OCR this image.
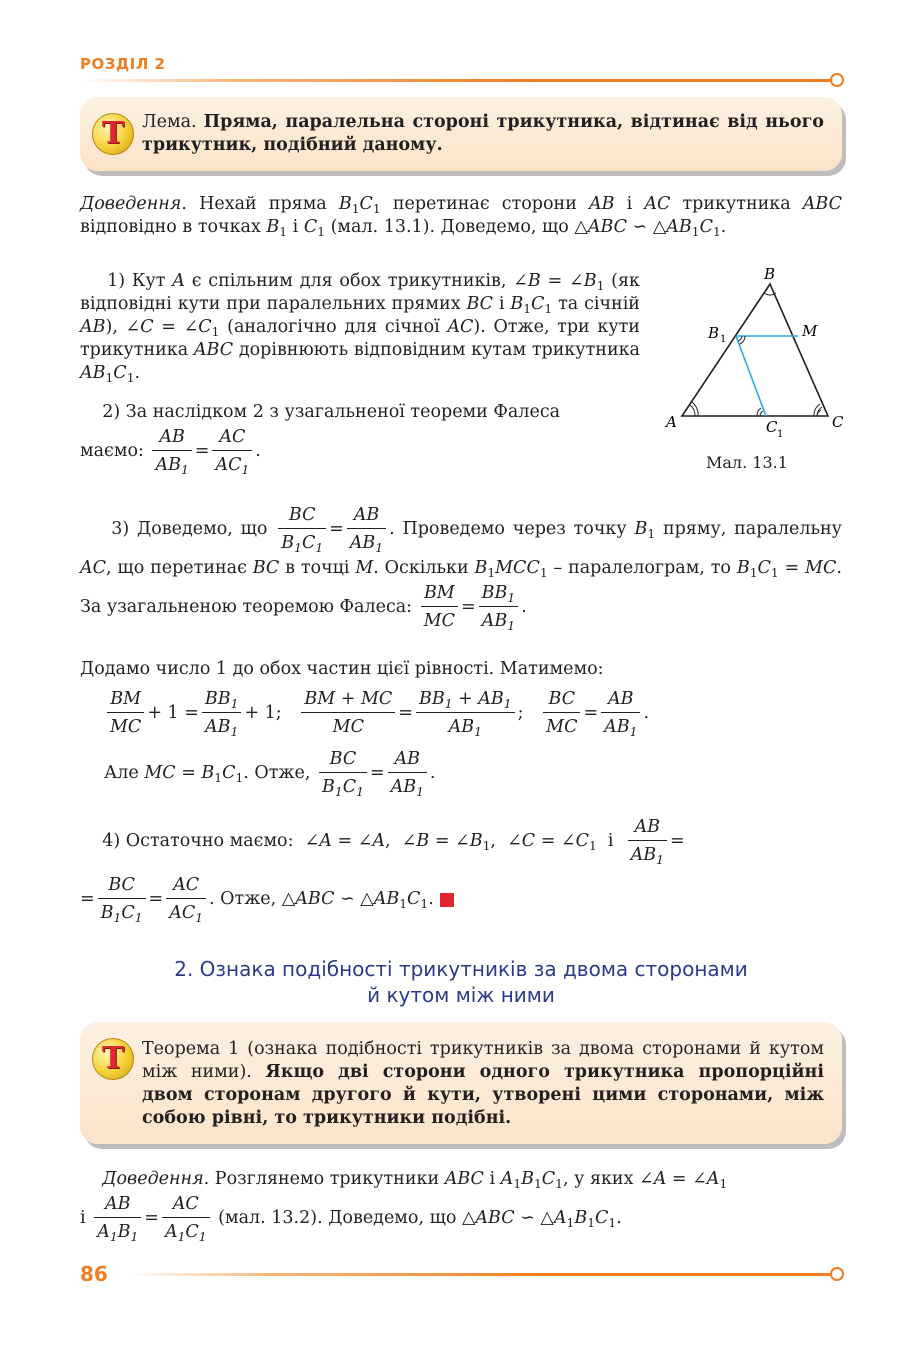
РОЗДІЛ 2
Т Лема. Пряма, паралельна стороні трикутника, відтинає від нього трикутник, подібний даному.
Доведення. Нехай пряма $B_1C_1$ перетинає сторони AB і AC трикутника ABC відповідно в точках $B_1$ і $C_1$ (мал. 13.1). Доведемо, що △ABC ∽ $\triangle AB_1C_1$.
1) Кут A є спільним для обох трикутників, ∠B = $\angle B_1$ (як відповідні кути при паралельних прямих BC і $B_1C_1$ та січній AB), ∠C = $\angle C_1$ (аналогічно для січної AC). Отже, три кути трикутника ABC дорівнюють відповідним кутам трикутника $AB_1C_1$.
2) За наслідком 2 з узагальненої теореми Фалеса
маємо: $\frac{AB}{AB_1} = \frac{AC}{AC_1}$ .
B
B 1	M
A	C
C 1
Мал. 13.1
3) Доведемо, що $\frac{BC}{B_1C_1} = \frac{AB}{AB_1}$ . Проведемо через точку $B_1$ пряму, паралельну AC, що перетинає BC в точці M. Оскільки $B_1MCC_1$ – паралелограм, то $B_1C_1$ = MC. За узагальненою теоремою Фалеса: $\frac{BM}{MC} = \frac{BB_1}{AB_1}$ .
Додамо число 1 до обох частин цієї рівності. Матимемо:
$\frac{BM}{MC} + 1 = \frac{BB_1}{AB_1} + 1$; $\frac{BM + MC}{MC} = \frac{BB_1 + AB_1}{AB_1}$ ; $\frac{BC}{MC} = \frac{AB}{AB_1}$ .
Але MC = $B_1C_1$. Отже, $\frac{BC}{B_1C_1} = \frac{AB}{AB_1}$ .
4) Остаточно маємо:  ∠A = ∠A,  ∠B = $\angle B_1$,  ∠C = $\angle C_1$  і $\frac{AB}{AB_1}$ =
= $\frac{BC}{B_1C_1} = \frac{AC}{AC_1}$ . Отже, △ABC ∽ $\triangle AB_1C_1$.
2. Ознака подібності трикутників за двома сторонами
й кутом між ними
Т Теорема 1 (ознака подібності трикутників за двома сторонами й кутом між ними). Якщо дві сторони одного трикутника пропорційні двом сторонам другого й кути, утворені цими сторонами, між собою рівні, то трикутники подібні.
Доведення. Розглянемо трикутники ABC і $A_1B_1C_1$, у яких ∠A = $\angle A_1$
і $\frac{AB}{A_1B_1} = \frac{AC}{A_1C_1} (мал$. 13.2). Доведемо, що △ABC ∽ $\triangle A_1B_1C_1$.
86
